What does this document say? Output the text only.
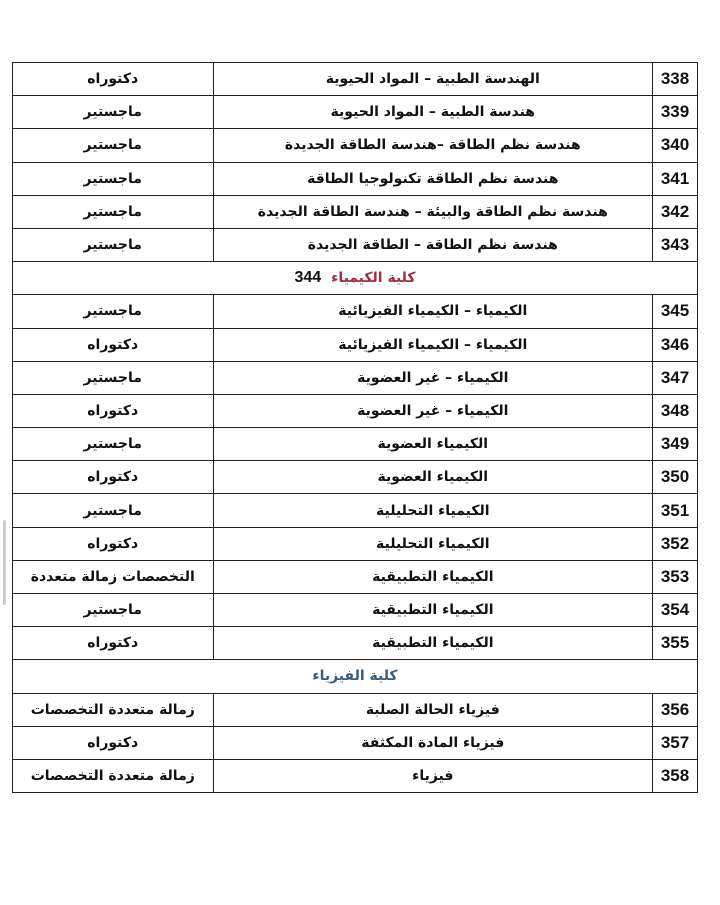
338	الهندسة الطبية – المواد الحيوية	دكتوراه
339	هندسة الطبية – المواد الحيوية	ماجستير
340	هندسة نظم الطاقة –هندسة الطاقة الجديدة	ماجستير
341	هندسة نظم الطاقة تكنولوجيا الطاقة	ماجستير
342	هندسة نظم الطاقة والبيئة – هندسة الطاقة الجديدة	ماجستير
343	هندسة نظم الطاقة – الطاقة الجديدة	ماجستير
كلية الكيمياء344		
345	الكيمياء – الكيمياء الفيزيائية	ماجستير
346	الكيمياء – الكيمياء الفيزيائية	دكتوراه
347	الكيمياء – غير العضوية	ماجستير
348	الكيمياء – غير العضوية	دكتوراه
349	الكيمياء العضوية	ماجستير
350	الكيمياء العضوية	دكتوراه
351	الكيمياء التحليلية	ماجستير
352	الكيمياء التحليلية	دكتوراه
353	الكيمياء التطبيقية	التخصصات زمالة متعددة
354	الكيمياء التطبيقية	ماجستير
355	الكيمياء التطبيقية	دكتوراه
كلية الفيزياء		
356	فيزياء الحالة الصلبة	زمالة متعددة التخصصات
357	فيزياء المادة المكثفة	دكتوراه
358	فيزياء	زمالة متعددة التخصصات
